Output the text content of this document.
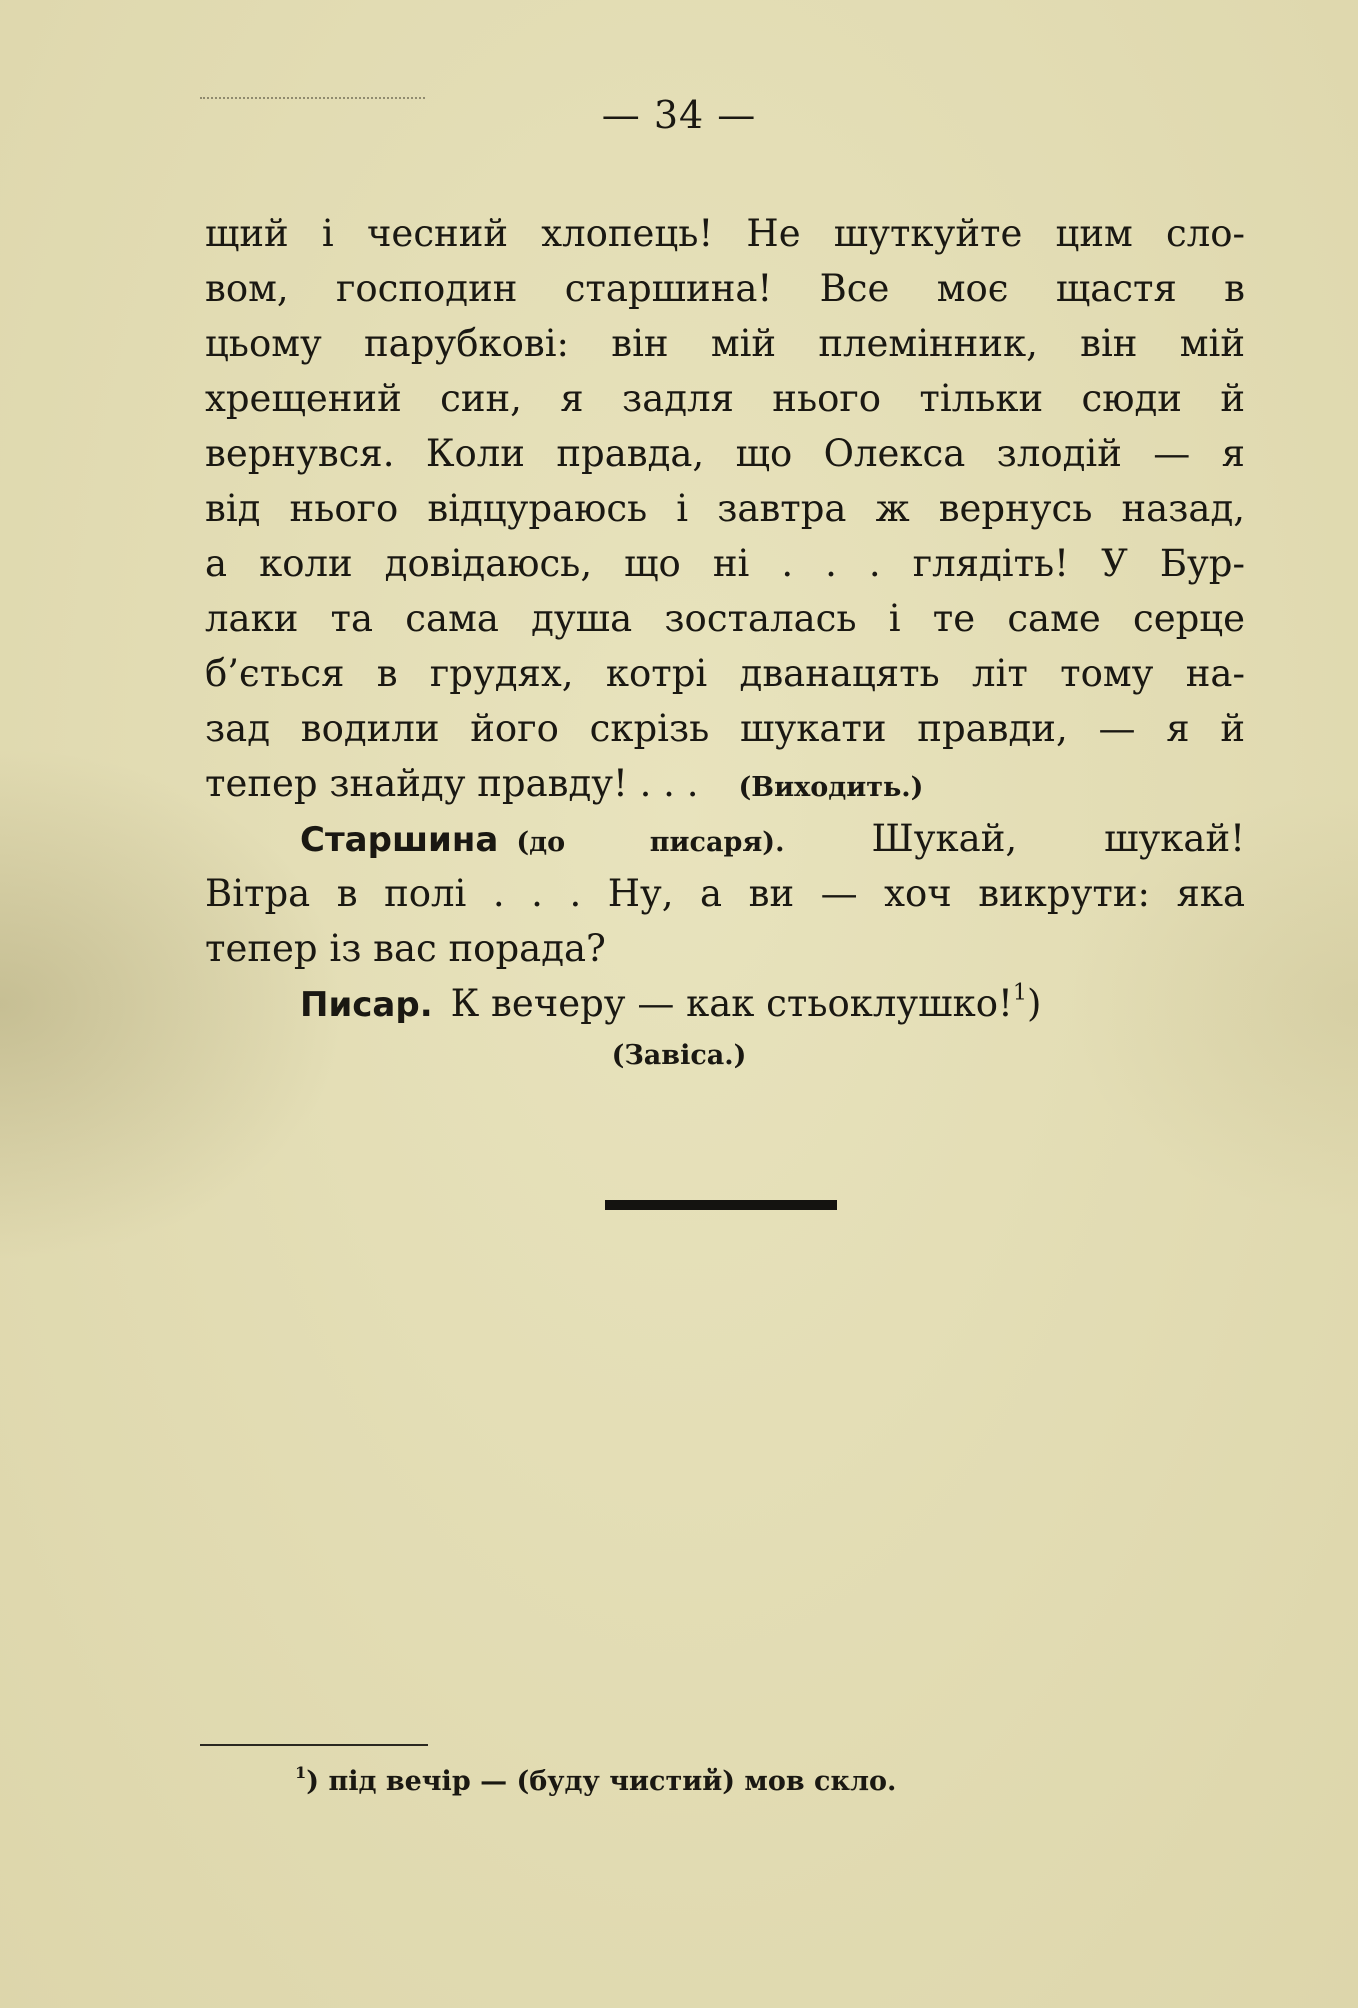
— 34 —
щий і чесний хлопець! Не шуткуйте цим сло-
вом, господин старшина! Все моє щастя в
цьому парубкові: він мій племінник, він мій
хрещений син, я задля нього тільки сюди й
вернувся. Коли правда, що Олекса злодій — я
від нього відцураюсь і завтра ж вернусь назад,
а коли довідаюсь, що ні . . . глядіть! У Бур-
лаки та сама душа зосталась і те саме серце
б’ється в грудях, котрі дванацять літ тому на-
зад водили його скрізь шукати правди, — я й
тепер знайду правду! . . . (Виходить.)
Старшина (до писаря). Шукай, шукай!
Вітра в полі . . . Ну, а ви — хоч викрути: яка
тепер із вас порада?
Писар. К вечеру — как стьоклушко!$^1$)
(Завіса.)
$^1$) під вечір — (буду чистий) мов скло.
